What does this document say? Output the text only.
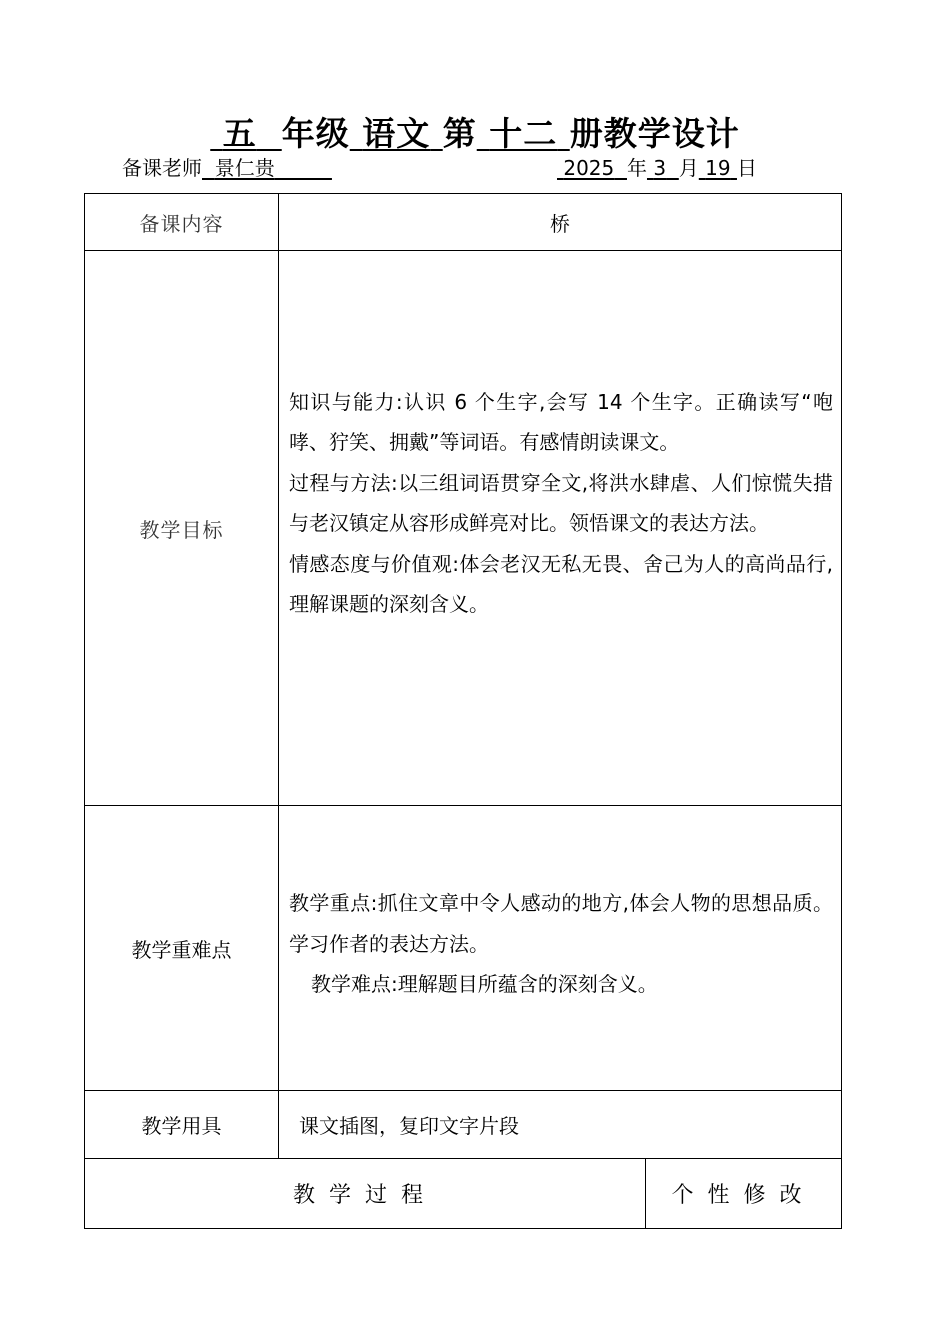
五 年级 语文 第 十二 册教学设计
备课老师 景仁贵	2025 年 3 月 19 日
备课内容	桥
教学目标	知识与能力:认识 6 个生字,会写 14 个生字。正确读写“咆哮、狞笑、拥戴”等词语。有感情朗读课文。
过程与方法:以三组词语贯穿全文,将洪水肆虐、人们惊慌失措与老汉镇定从容形成鲜亮对比。领悟课文的表达方法。
情感态度与价值观:体会老汉无私无畏、舍己为人的高尚品行,理解课题的深刻含义。

教学重难点	教学重点:抓住文章中令人感动的地方,体会人物的思想品质。学习作者的表达方法。
教学难点:理解题目所蕴含的深刻含义。

教学用具	课文插图，复印文字片段
教学过程	个性修改
